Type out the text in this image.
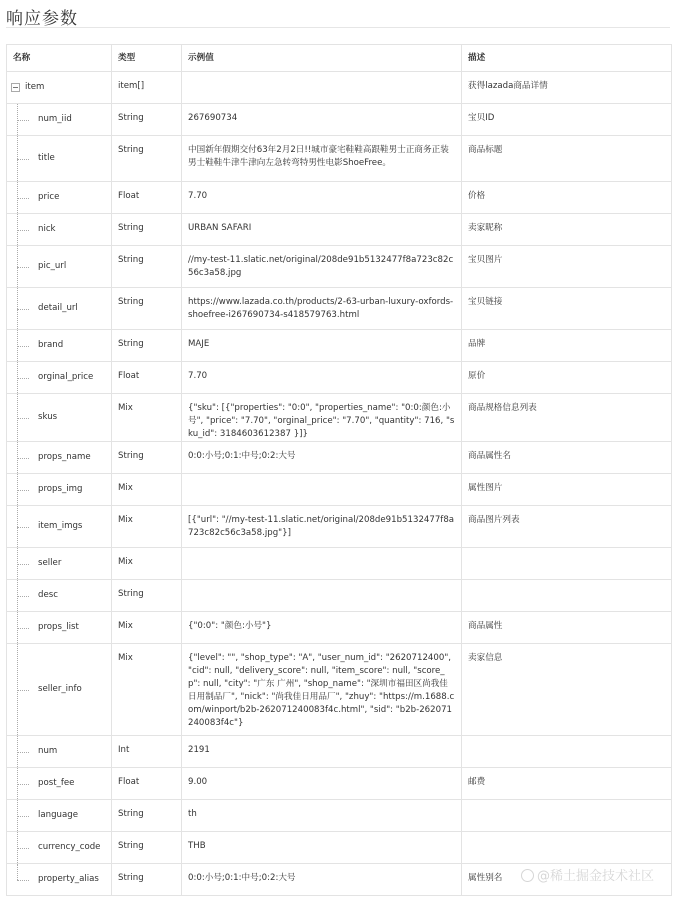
响应参数
名称	类型	示例值	描述

item	item[]		获得lazada商品详情

num_iid	String	267690734	宝贝ID

title	String	中国新年假期交付63年2月2日!!城市豪宅鞋鞋高跟鞋男士正商务正装男士鞋鞋牛津牛津向左急转弯特男性电影ShoeFree。	商品标题

price	Float	7.70	价格

nick	String	URBAN SAFARI	卖家昵称

pic_url	String	//my-test-11.slatic.net/original/208de91b5132477f8a723c82c56c3a58.jpg	宝贝图片

detail_url	String	https://www.lazada.co.th/products/2-63-urban-luxury-oxfords-shoefree-i267690734-s418579763.html	宝贝链接

brand	String	MAJE	品牌

orginal_price	Float	7.70	原价

skus	Mix	{"sku": [{"properties": "0:0", "properties_name": "0:0:颜色:小号", "price": "7.70", "orginal_price": "7.70", "quantity": 716, "sku_id": 3184603612387 }]}	商品规格信息列表

props_name	String	0:0:小号;0:1:中号;0:2:大号	商品属性名

props_img	Mix		属性图片

item_imgs	Mix	[{"url": "//my-test-11.slatic.net/original/208de91b5132477f8a723c82c56c3a58.jpg"}]	商品图片列表

seller	Mix		

desc	String		

props_list	Mix	{"0:0": "颜色:小号"}	商品属性

seller_info	Mix	{"level": "", "shop_type": "A", "user_num_id": "2620712400", "cid": null, "delivery_score": null, "item_score": null, "score_p": null, "city": "广东 广州", "shop_name": "深圳市福田区尚我佳日用制品厂", "nick": "尚我佳日用品厂", "zhuy": "https://m.1688.com/winport/b2b-262071240083f4c.html", "sid": "b2b-262071240083f4c"}	卖家信息

num	Int	2191	

post_fee	Float	9.00	邮费

language	String	th	

currency_code	String	THB	

property_alias	String	0:0:小号;0:1:中号;0:2:大号	属性别名	@稀土掘金技术社区
